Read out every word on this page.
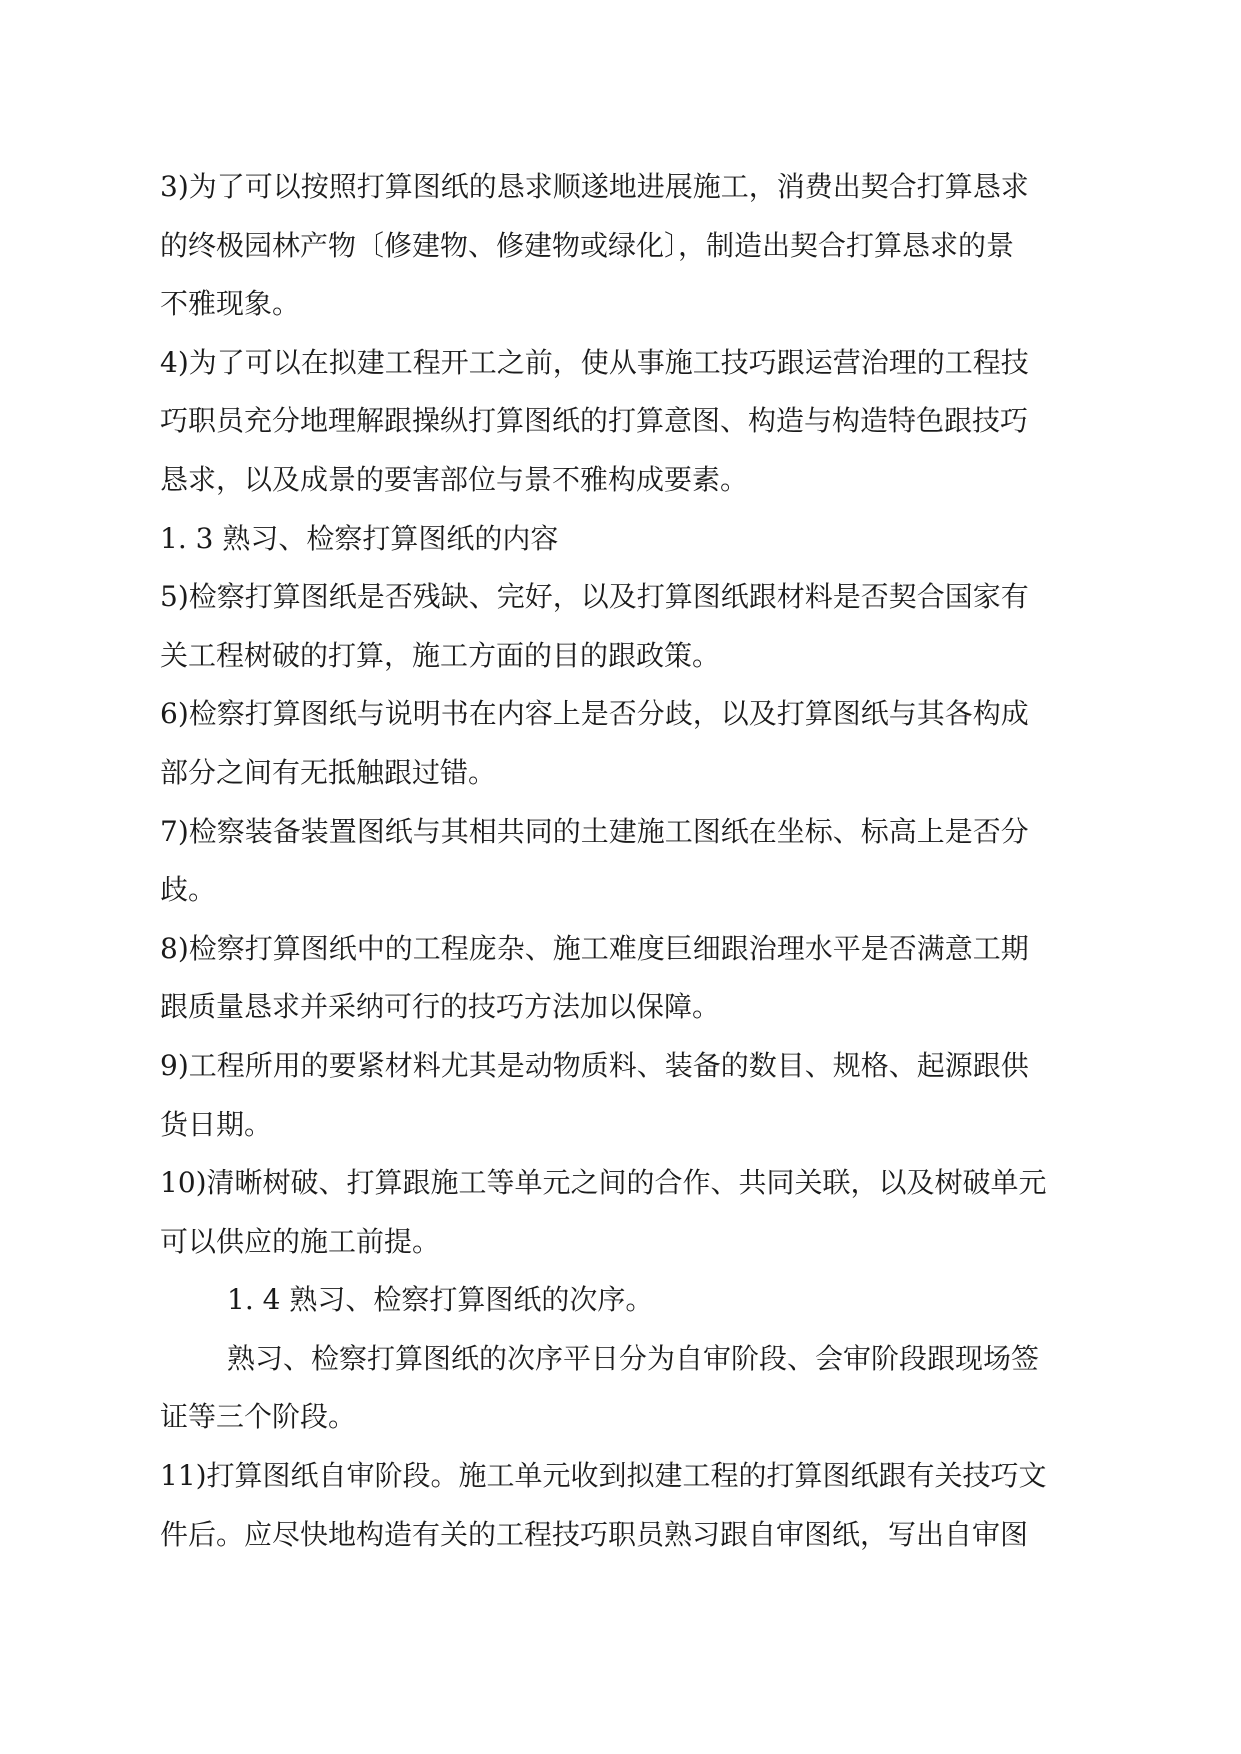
3)为了可以按照打算图纸的恳求顺遂地进展施工，消费出契合打算恳求
的终极园林产物〔修建物、修建物或绿化〕，制造出契合打算恳求的景
不雅现象。
4)为了可以在拟建工程开工之前，使从事施工技巧跟运营治理的工程技
巧职员充分地理解跟操纵打算图纸的打算意图、构造与构造特色跟技巧
恳求，以及成景的要害部位与景不雅构成要素。
1. 3 熟习、检察打算图纸的内容
5)检察打算图纸是否残缺、完好，以及打算图纸跟材料是否契合国家有
关工程树破的打算，施工方面的目的跟政策。
6)检察打算图纸与说明书在内容上是否分歧，以及打算图纸与其各构成
部分之间有无抵触跟过错。
7)检察装备装置图纸与其相共同的土建施工图纸在坐标、标高上是否分
歧。
8)检察打算图纸中的工程庞杂、施工难度巨细跟治理水平是否满意工期
跟质量恳求并采纳可行的技巧方法加以保障。
9)工程所用的要紧材料尤其是动物质料、装备的数目、规格、起源跟供
货日期。
10)清晰树破、打算跟施工等单元之间的合作、共同关联，以及树破单元
可以供应的施工前提。
1. 4 熟习、检察打算图纸的次序。
熟习、检察打算图纸的次序平日分为自审阶段、会审阶段跟现场签
证等三个阶段。
11)打算图纸自审阶段。施工单元收到拟建工程的打算图纸跟有关技巧文
件后。应尽快地构造有关的工程技巧职员熟习跟自审图纸，写出自审图
